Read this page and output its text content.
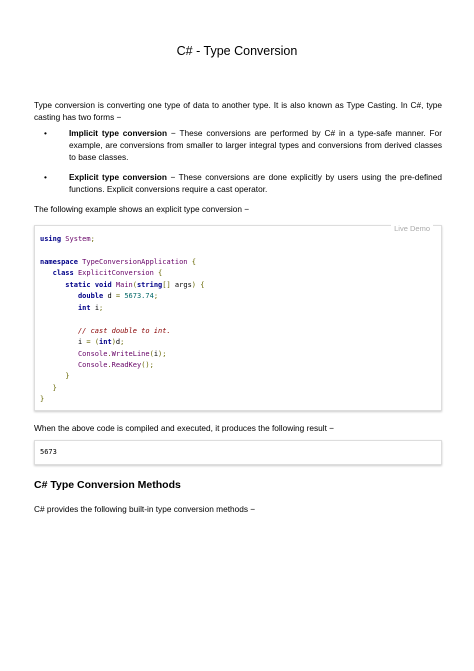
C# - Type Conversion
Type conversion is converting one type of data to another type. It is also known as Type Casting. In C#, type casting has two forms −
•	Implicit type conversion − These conversions are performed by C# in a type-safe manner. For example, are conversions from smaller to larger integral types and conversions from derived classes to base classes.
•	Explicit type conversion − These conversions are done explicitly by users using the pre-defined functions. Explicit conversions require a cast operator.
The following example shows an explicit type conversion −
Live Demo
using System;

namespace TypeConversionApplication {
class ExplicitConversion {
static void Main(string[] args) {
double d = 5673.74;
int i;

// cast double to int.
i = (int)d;
Console.WriteLine(i);
Console.ReadKey();
}
}
}
When the above code is compiled and executed, it produces the following result −
5673
C# Type Conversion Methods
C# provides the following built-in type conversion methods −
